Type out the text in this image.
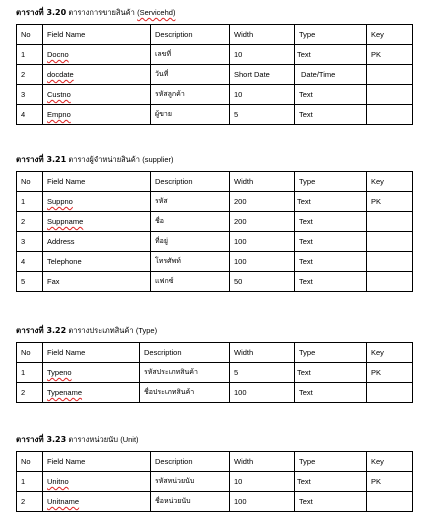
ตารางที่ 3.20 ตารางการขายสินค้า (Servicehd)
No	Field Name	Description	Width	Type	Key
1	Docno	เลขที่	10	Text	PK
2	docdate	วันที่	Short Date	Date/Time	
3	Custno	รหัสลูกค้า	10	Text	
4	Empno	ผู้ขาย	5	Text	
ตารางที่ 3.21 ตารางผู้จำหน่ายสินค้า (supplier)
No	Field Name	Description	Width	Type	Key
1	Suppno	รหัส	200	Text	PK
2	Suppname	ชื่อ	200	Text	
3	Address	ที่อยู่	100	Text	
4	Telephone	โทรศัพท์	100	Text	
5	Fax	แฟกซ์	50	Text	
ตารางที่ 3.22 ตารางประเภทสินค้า (Type)
No	Field Name	Description	Width	Type	Key
1	Typeno	รหัสประเภทสินค้า	5	Text	PK
2	Typename	ชื่อประเภทสินค้า	100	Text	
ตารางที่ 3.23 ตารางหน่วยนับ (Unit)
No	Field Name	Description	Width	Type	Key
1	Unitno	รหัสหน่วยนับ	10	Text	PK
2	Unitname	ชื่อหน่วยนับ	100	Text	
